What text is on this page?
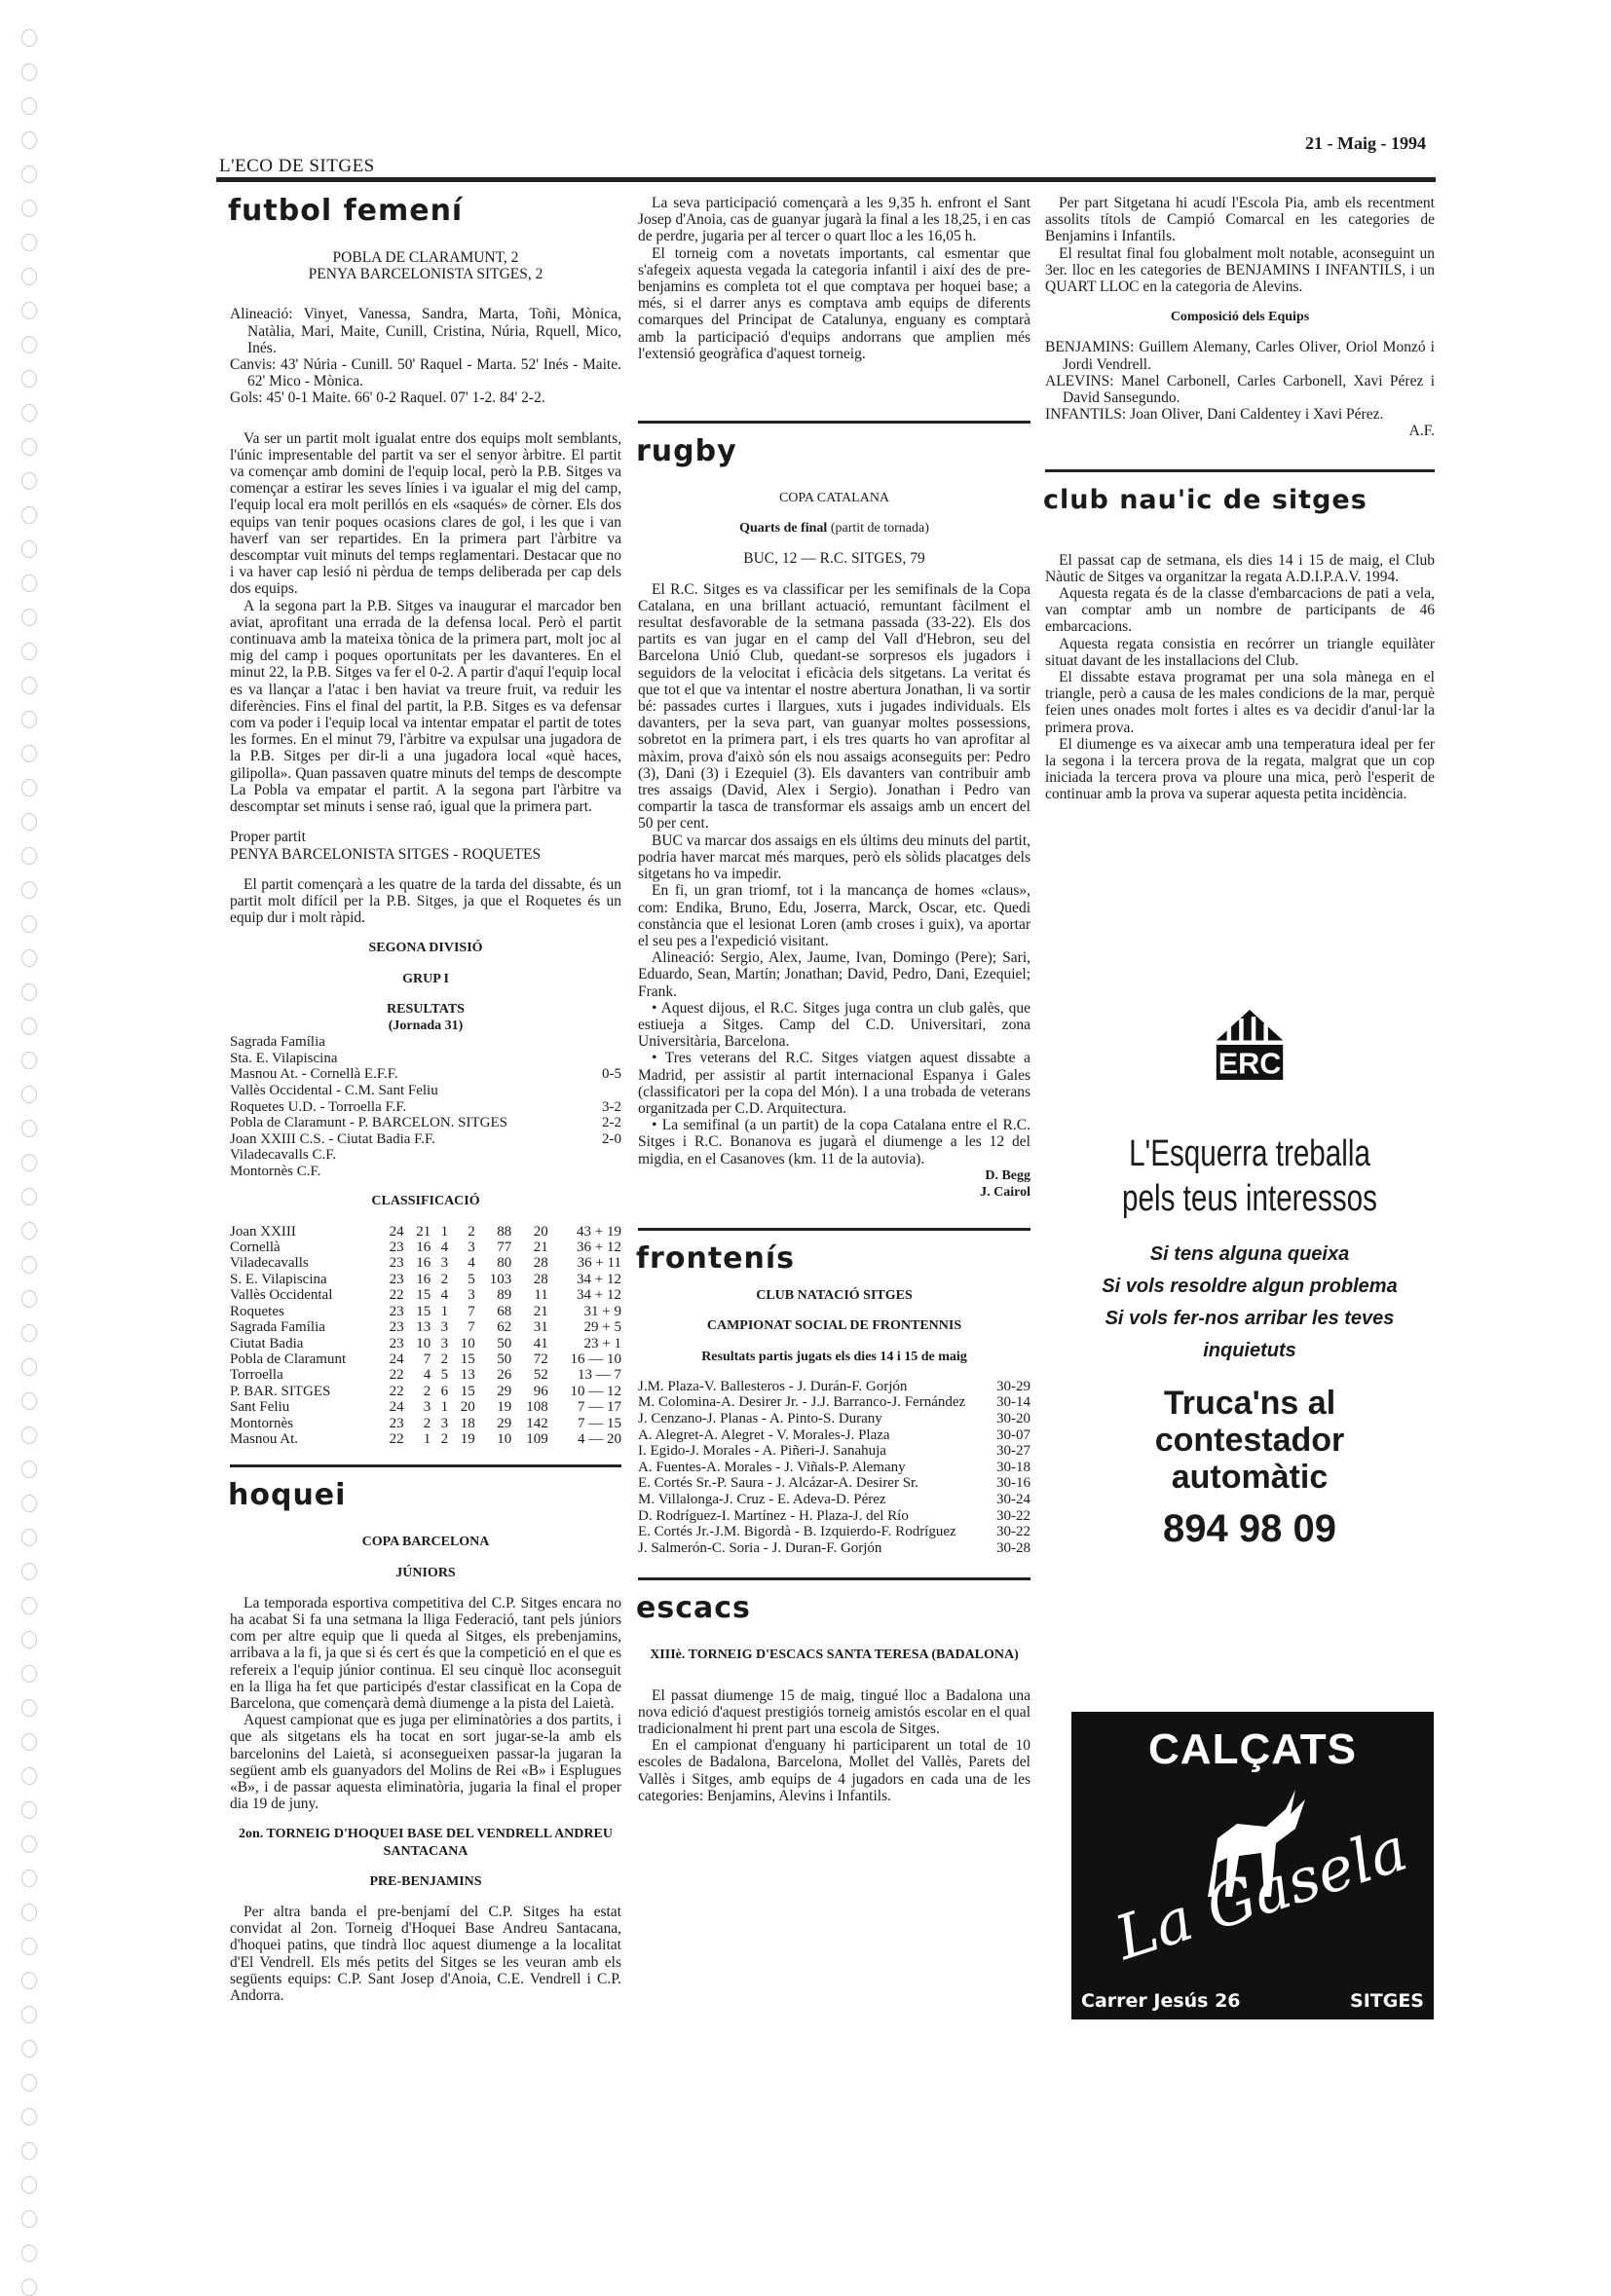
L'ECO DE SITGES
21 - Maig - 1994
futbol femení
POBLA DE CLARAMUNT, 2
PENYA BARCELONISTA SITGES, 2
Alineació: Vinyet, Vanessa, Sandra, Marta, Toñi, Mònica, Natàlia, Mari, Maite, Cunill, Cristina, Núria, Rquell, Mico, Inés.
Canvis: 43' Núria - Cunill. 50' Raquel - Marta. 52' Inés - Maite. 62' Mico - Mònica.
Gols: 45' 0-1 Maite. 66' 0-2 Raquel. 07' 1-2. 84' 2-2.

Va ser un partit molt igualat entre dos equips molt semblants, l'únic impresentable del partit va ser el senyor àrbitre. El partit va començar amb domini de l'equip local, però la P.B. Sitges va començar a estirar les seves línies i va igualar el mig del camp, l'equip local era molt perillós en els «saqués» de còrner. Els dos equips van tenir poques ocasions clares de gol, i les que i van haverf van ser repartides. En la primera part l'àrbitre va descomptar vuit minuts del temps reglamentari. Destacar que no i va haver cap lesió ni pèrdua de temps deliberada per cap dels dos equips.

A la segona part la P.B. Sitges va inaugurar el marcador ben aviat, aprofitant una errada de la defensa local. Però el partit continuava amb la mateixa tònica de la primera part, molt joc al mig del camp i poques oportunitats per les davanteres. En el minut 22, la P.B. Sitges va fer el 0-2. A partir d'aquí l'equip local es va llançar a l'atac i ben haviat va treure fruit, va reduir les diferències. Fins el final del partit, la P.B. Sitges es va defensar com va poder i l'equip local va intentar empatar el partit de totes les formes. En el minut 79, l'àrbitre va expulsar una jugadora de la P.B. Sitges per dir-li a una jugadora local «què haces, gilipolla». Quan passaven quatre minuts del temps de descompte La Pobla va empatar el partit. A la segona part l'àrbitre va descomptar set minuts i sense raó, igual que la primera part.

Proper partit

PENYA BARCELONISTA SITGES - ROQUETES

El partit començarà a les quatre de la tarda del dissabte, és un partit molt difícil per la P.B. Sitges, ja que el Roquetes és un equip dur i molt ràpid.

SEGONA DIVISIÓ
GRUP I
RESULTATS
(Jornada 31)
Sagrada Família
Sta. E. Vilapiscina
Masnou At. - Cornellà E.F.F.	0-5
Vallès Occidental - C.M. Sant Feliu
Roquetes U.D. - Torroella F.F.	3-2
Pobla de Claramunt - P. BARCELON. SITGES	2-2
Joan XXIII C.S. - Ciutat Badia F.F.	2-0
Viladecavalls C.F.
Montornès C.F.
CLASSIFICACIÓ
Joan XXIII	24	21	1	2	88	20	43 + 19
Cornellà	23	16	4	3	77	21	36 + 12
Viladecavalls	23	16	3	4	80	28	36 + 11
S. E. Vilapiscina	23	16	2	5	103	28	34 + 12
Vallès Occidental	22	15	4	3	89	11	34 + 12
Roquetes	23	15	1	7	68	21	31 + 9
Sagrada Família	23	13	3	7	62	31	29 + 5
Ciutat Badia	23	10	3	10	50	41	23 + 1
Pobla de Claramunt	24	7	2	15	50	72	16 — 10
Torroella	22	4	5	13	26	52	13 — 7
P. BAR. SITGES	22	2	6	15	29	96	10 — 12
Sant Feliu	24	3	1	20	19	108	7 — 17
Montornès	23	2	3	18	29	142	7 — 15
Masnou At.	22	1	2	19	10	109	4 — 20
hoquei
COPA BARCELONA
JÚNIORS

La temporada esportiva competitiva del C.P. Sitges encara no ha acabat Si fa una setmana la lliga Federació, tant pels júniors com per altre equip que li queda al Sitges, els prebenjamins, arribava a la fi, ja que si és cert és que la competició en el que es refereix a l'equip júnior continua. El seu cinquè lloc aconseguit en la lliga ha fet que participés d'estar classificat en la Copa de Barcelona, que començarà demà diumenge a la pista del Laietà.

Aquest campionat que es juga per eliminatòries a dos partits, i que als sitgetans els ha tocat en sort jugar-se-la amb els barcelonins del Laietà, si aconsegueixen passar-la jugaran la següent amb els guanyadors del Molins de Rei «B» i Esplugues «B», i de passar aquesta eliminatòria, jugaria la final el proper dia 19 de juny.

2on. TORNEIG D'HOQUEI BASE DEL VENDRELL ANDREU SANTACANA
PRE-BENJAMINS

Per altra banda el pre-benjamí del C.P. Sitges ha estat convidat al 2on. Torneig d'Hoquei Base Andreu Santacana, d'hoquei patins, que tindrà lloc aquest diumenge a la localitat d'El Vendrell. Els més petits del Sitges se les veuran amb els següents equips: C.P. Sant Josep d'Anoia, C.E. Vendrell i C.P. Andorra.

La seva participació començarà a les 9,35 h. enfront el Sant Josep d'Anoia, cas de guanyar jugarà la final a les 18,25, i en cas de perdre, jugaria per al tercer o quart lloc a les 16,05 h.

El torneig com a novetats importants, cal esmentar que s'afegeix aquesta vegada la categoria infantil i així des de pre-benjamins es completa tot el que comptava per hoquei base; a més, si el darrer anys es comptava amb equips de diferents comarques del Principat de Catalunya, enguany es comptarà amb la participació d'equips andorrans que amplien més l'extensió geogràfica d'aquest torneig.

rugby
COPA CATALANA
Quarts de final (partit de tornada)
BUC, 12 — R.C. SITGES, 79

El R.C. Sitges es va classificar per les semifinals de la Copa Catalana, en una brillant actuació, remuntant fàcilment el resultat desfavorable de la setmana passada (33-22). Els dos partits es van jugar en el camp del Vall d'Hebron, seu del Barcelona Unió Club, quedant-se sorpresos els jugadors i seguidors de la velocitat i eficàcia dels sitgetans. La veritat és que tot el que va intentar el nostre abertura Jonathan, li va sortir bé: passades curtes i llargues, xuts i jugades individuals. Els davanters, per la seva part, van guanyar moltes possessions, sobretot en la primera part, i els tres quarts ho van aprofitar al màxim, prova d'això són els nou assaigs aconseguits per: Pedro (3), Dani (3) i Ezequiel (3). Els davanters van contribuir amb tres assaigs (David, Alex i Sergio). Jonathan i Pedro van compartir la tasca de transformar els assaigs amb un encert del 50 per cent.

BUC va marcar dos assaigs en els últims deu minuts del partit, podria haver marcat més marques, però els sòlids placatges dels sitgetans ho va impedir.

En fi, un gran triomf, tot i la mancança de homes «claus», com: Endika, Bruno, Edu, Joserra, Marck, Oscar, etc. Quedi constància que el lesionat Loren (amb croses i guix), va aportar el seu pes a l'expedició visitant.

Alineació: Sergio, Alex, Jaume, Ivan, Domingo (Pere); Sari, Eduardo, Sean, Martín; Jonathan; David, Pedro, Dani, Ezequiel; Frank.

• Aquest dijous, el R.C. Sitges juga contra un club galès, que estiueja a Sitges. Camp del C.D. Universitari, zona Universitària, Barcelona.

• Tres veterans del R.C. Sitges viatgen aquest dissabte a Madrid, per assistir al partit internacional Espanya i Gales (classificatori per la copa del Món). I a una trobada de veterans organitzada per C.D. Arquitectura.

• La semifinal (a un partit) de la copa Catalana entre el R.C. Sitges i R.C. Bonanova es jugarà el diumenge a les 12 del migdia, en el Casanoves (km. 11 de la autovia).

D. Begg
J. Cairol
frontenís
CLUB NATACIÓ SITGES
CAMPIONAT SOCIAL DE FRONTENNIS
Resultats partis jugats els dies 14 i 15 de maig
J.M. Plaza-V. Ballesteros - J. Durán-F. Gorjón	30-29
M. Colomina-A. Desirer Jr. - J.J. Barranco-J. Fernández 30-14
J. Cenzano-J. Planas - A. Pinto-S. Durany	30-20
A. Alegret-A. Alegret - V. Morales-J. Plaza	30-07
I. Egido-J. Morales - A. Piñeri-J. Sanahuja	30-27
A. Fuentes-A. Morales - J. Viñals-P. Alemany	30-18
E. Cortés Sr.-P. Saura - J. Alcázar-A. Desirer Sr.	30-16
M. Villalonga-J. Cruz - E. Adeva-D. Pérez	30-24
D. Rodríguez-I. Martínez - H. Plaza-J. del Río	30-22
E. Cortés Jr.-J.M. Bigordà - B. Izquierdo-F. Rodríguez	30-22
J. Salmerón-C. Soria - J. Duran-F. Gorjón	30-28
escacs
XIIIè. TORNEIG D'ESCACS SANTA TERESA (BADALONA)

El passat diumenge 15 de maig, tingué lloc a Badalona una nova edició d'aquest prestigiós torneig amistós escolar en el qual tradicionalment hi prent part una escola de Sitges.

En el campionat d'enguany hi participarent un total de 10 escoles de Badalona, Barcelona, Mollet del Vallès, Parets del Vallès i Sitges, amb equips de 4 jugadors en cada una de les categories: Benjamins, Alevins i Infantils.

Per part Sitgetana hi acudí l'Escola Pia, amb els recentment assolits títols de Campió Comarcal en les categories de Benjamins i Infantils.

El resultat final fou globalment molt notable, aconseguint un 3er. lloc en les categories de BENJAMINS I INFANTILS, i un QUART LLOC en la categoria de Alevins.

Composició dels Equips
BENJAMINS: Guillem Alemany, Carles Oliver, Oriol Monzó i Jordi Vendrell.
ALEVINS: Manel Carbonell, Carles Carbonell, Xavi Pérez i David Sansegundo.
INFANTILS: Joan Oliver, Dani Caldentey i Xavi Pérez.
A.F.
club nau'ic de sitges

El passat cap de setmana, els dies 14 i 15 de maig, el Club Nàutic de Sitges va organitzar la regata A.D.I.P.A.V. 1994.

Aquesta regata és de la classe d'embarcacions de pati a vela, van comptar amb un nombre de participants de 46 embarcacions.

Aquesta regata consistia en recórrer un triangle equilàter situat davant de les installacions del Club.

El dissabte estava programat per una sola mànega en el triangle, però a causa de les males condicions de la mar, perquè feien unes onades molt fortes i altes es va decidir d'anul·lar la primera prova.

El diumenge es va aixecar amb una temperatura ideal per fer la segona i la tercera prova de la regata, malgrat que un cop iniciada la tercera prova va ploure una mica, però l'esperit de continuar amb la prova va superar aquesta petita incidència.

ERC
L'Esquerra treballa
pels teus interessos
Si tens alguna queixa
Si vols resoldre algun problema
Si vols fer-nos arribar les teves
inquietuts
Truca'ns al
contestador
automàtic
894 98 09
CALÇATS
La Gasela
Carrer Jesús 26	SITGES
